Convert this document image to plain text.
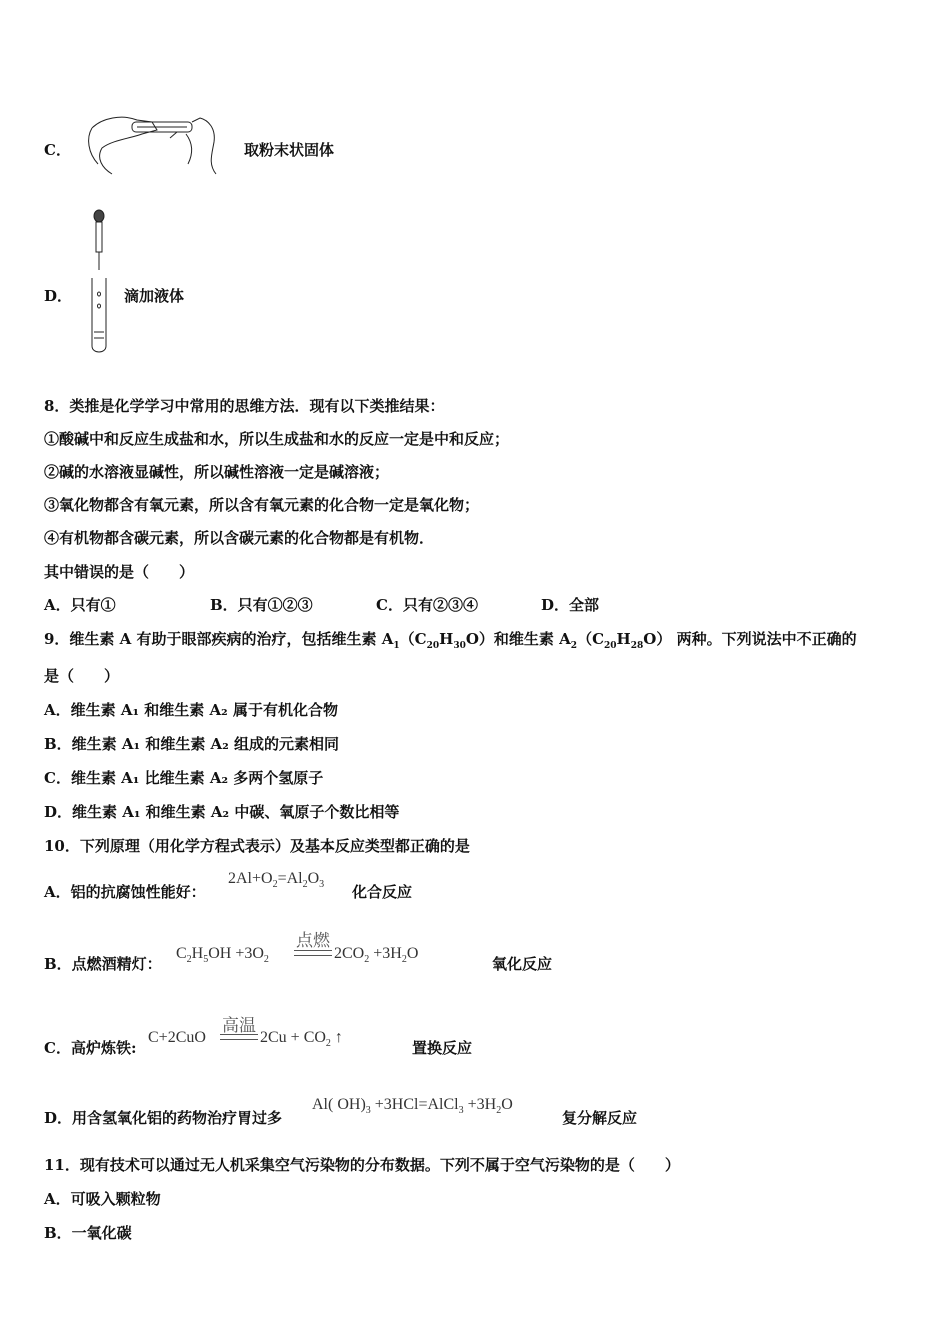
C．	取粉末状固体
D．	滴加液体
8．类推是化学学习中常用的思维方法．现有以下类推结果：
①酸碱中和反应生成盐和水，所以生成盐和水的反应一定是中和反应；
②碱的水溶液显碱性，所以碱性溶液一定是碱溶液；
③氧化物都含有氧元素，所以含有氧元素的化合物一定是氧化物；
④有机物都含碳元素，所以含碳元素的化合物都是有机物．
其中错误的是（　　）
A．只有①	B．只有①②③	C．只有②③④	D．全部
9．维生素 A 有助于眼部疾病的治疗，包括维生素 $A_1(C_{20}H_{30}O)$和维生素 $A_2(C_{20}H_{28}O)$ 两种。下列说法中不正确的
是（　　）
A．维生素 A₁ 和维生素 A₂ 属于有机化合物
B．维生素 A₁ 和维生素 A₂ 组成的元素相同
C．维生素 A₁ 比维生素 A₂ 多两个氢原子
D．维生素 A₁ 和维生素 A₂ 中碳、氧原子个数比相等
10．下列原理（用化学方程式表示）及基本反应类型都正确的是
A．铝的抗腐蚀性能好：
$2Al+O_2=Al_2O_3$ 化合反应
B．点燃酒精灯：
$C_2H_5OH +3O_2$
点燃
$2CO_2 +3H_2O$
氧化反应
C．高炉炼铁:
C+2CuO
高温
$2Cu + CO_2$ ↑
置换反应
D．用含氢氧化铝的药物治疗胃过多
Al( $OH)_3$ +3HCl=AlCl$_3$ $+3H_2O$
复分解反应
11．现有技术可以通过无人机采集空气污染物的分布数据。下列不属于空气污染物的是（　　）
A．可吸入颗粒物
B．一氧化碳
